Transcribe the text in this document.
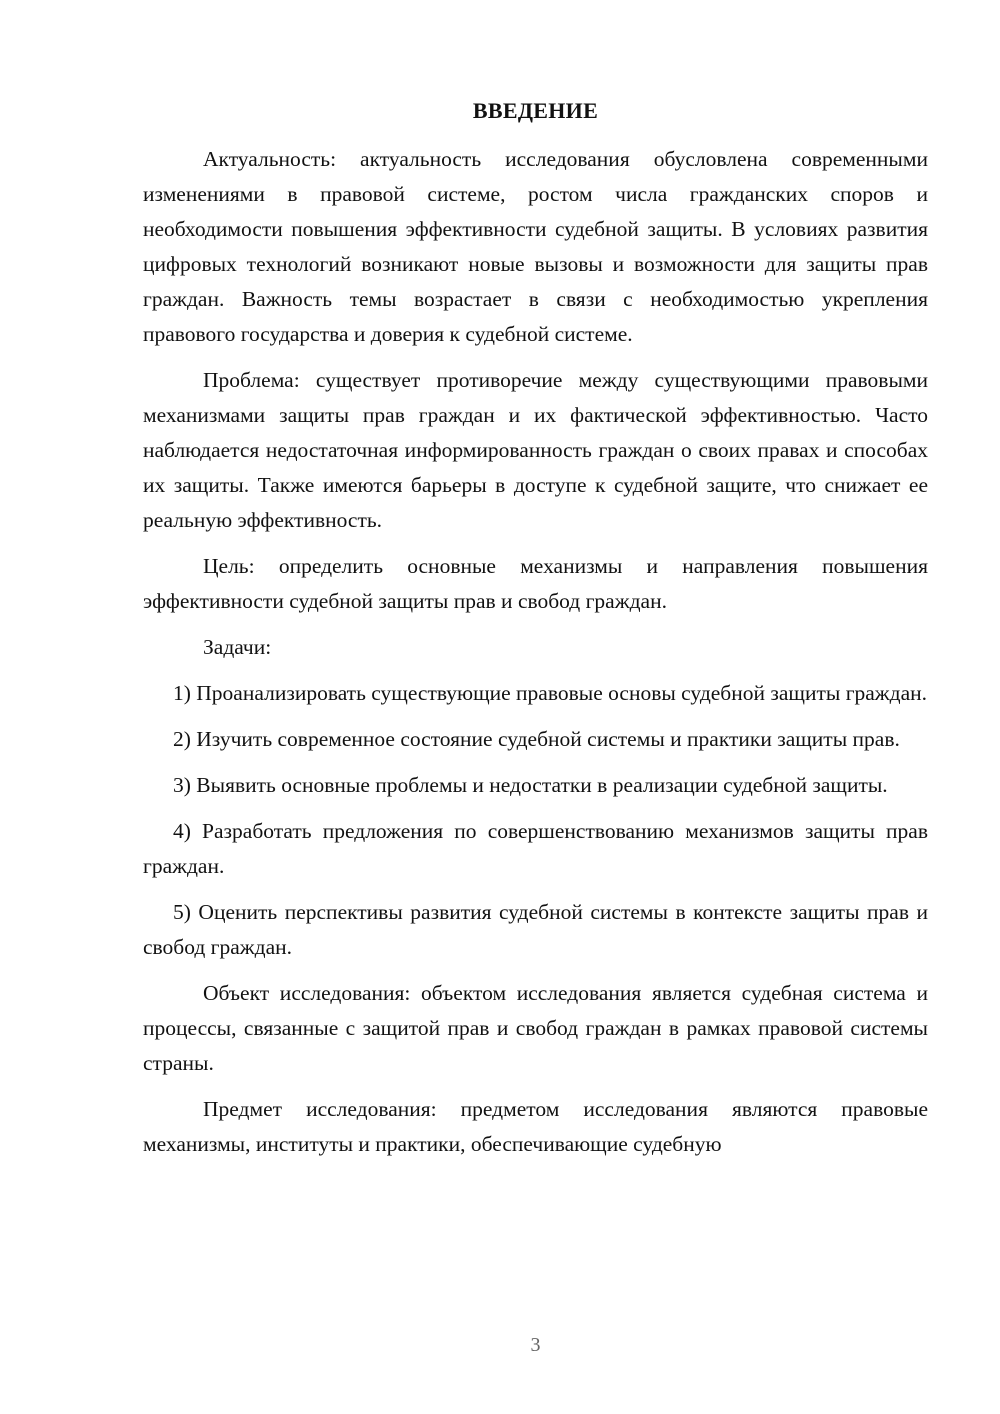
ВВЕДЕНИЕ

Актуальность: актуальность исследования обусловлена современными изменениями в правовой системе, ростом числа гражданских споров и необходимости повышения эффективности судебной защиты. В условиях развития цифровых технологий возникают новые вызовы и возможности для защиты прав граждан. Важность темы возрастает в связи с необходимостью укрепления правового государства и доверия к судебной системе.

Проблема: существует противоречие между существующими правовыми механизмами защиты прав граждан и их фактической эффективностью. Часто наблюдается недостаточная информированность граждан о своих правах и способах их защиты. Также имеются барьеры в доступе к судебной защите, что снижает ее реальную эффективность.

Цель: определить основные механизмы и направления повышения эффективности судебной защиты прав и свобод граждан.

Задачи:

1) Проанализировать существующие правовые основы судебной защиты граждан.

2) Изучить современное состояние судебной системы и практики защиты прав.

3) Выявить основные проблемы и недостатки в реализации судебной защиты.

4) Разработать предложения по совершенствованию механизмов защиты прав граждан.

5) Оценить перспективы развития судебной системы в контексте защиты прав и свобод граждан.

Объект исследования: объектом исследования является судебная система и процессы, связанные с защитой прав и свобод граждан в рамках правовой системы страны.

Предмет исследования: предметом исследования являются правовые механизмы, институты и практики, обеспечивающие судебную

3
